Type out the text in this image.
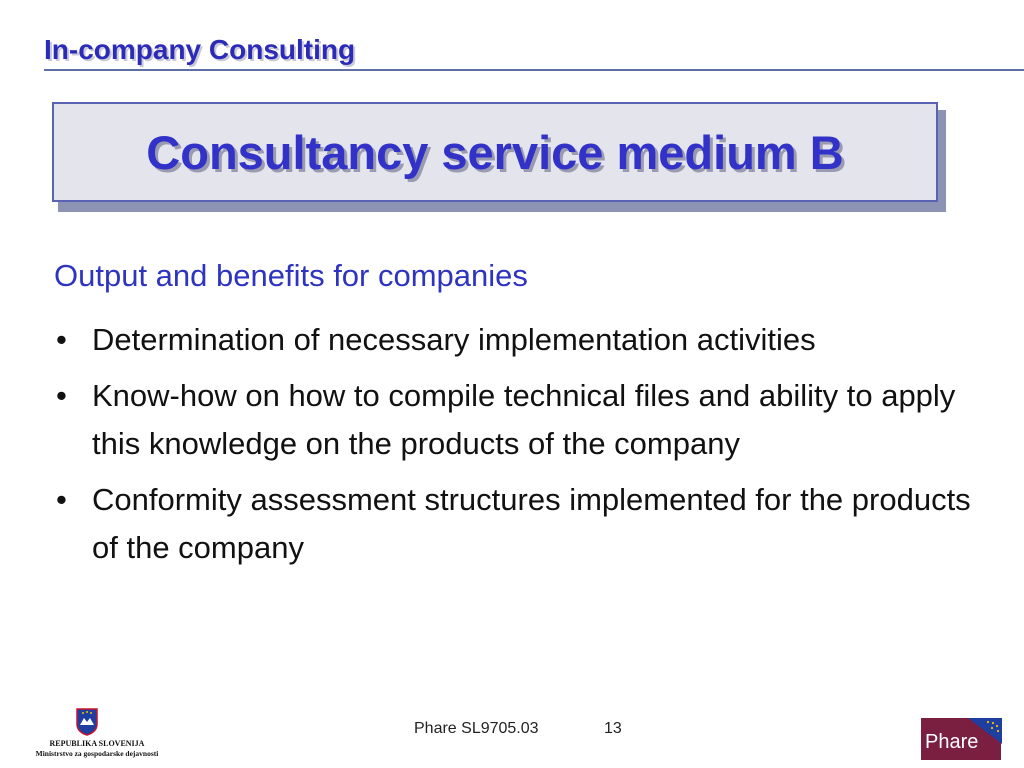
In-company Consulting
Consultancy service medium B
Output and benefits for companies
• Determination of necessary implementation activities
• Know-how on how to compile technical files and ability to apply this knowledge on the products of the company
• Conformity assessment structures implemented for the products of the company
REPUBLIKA SLOVENIJA
Ministrstvo za gospodarske dejavnosti
Phare SL9705.03	13
Phare
